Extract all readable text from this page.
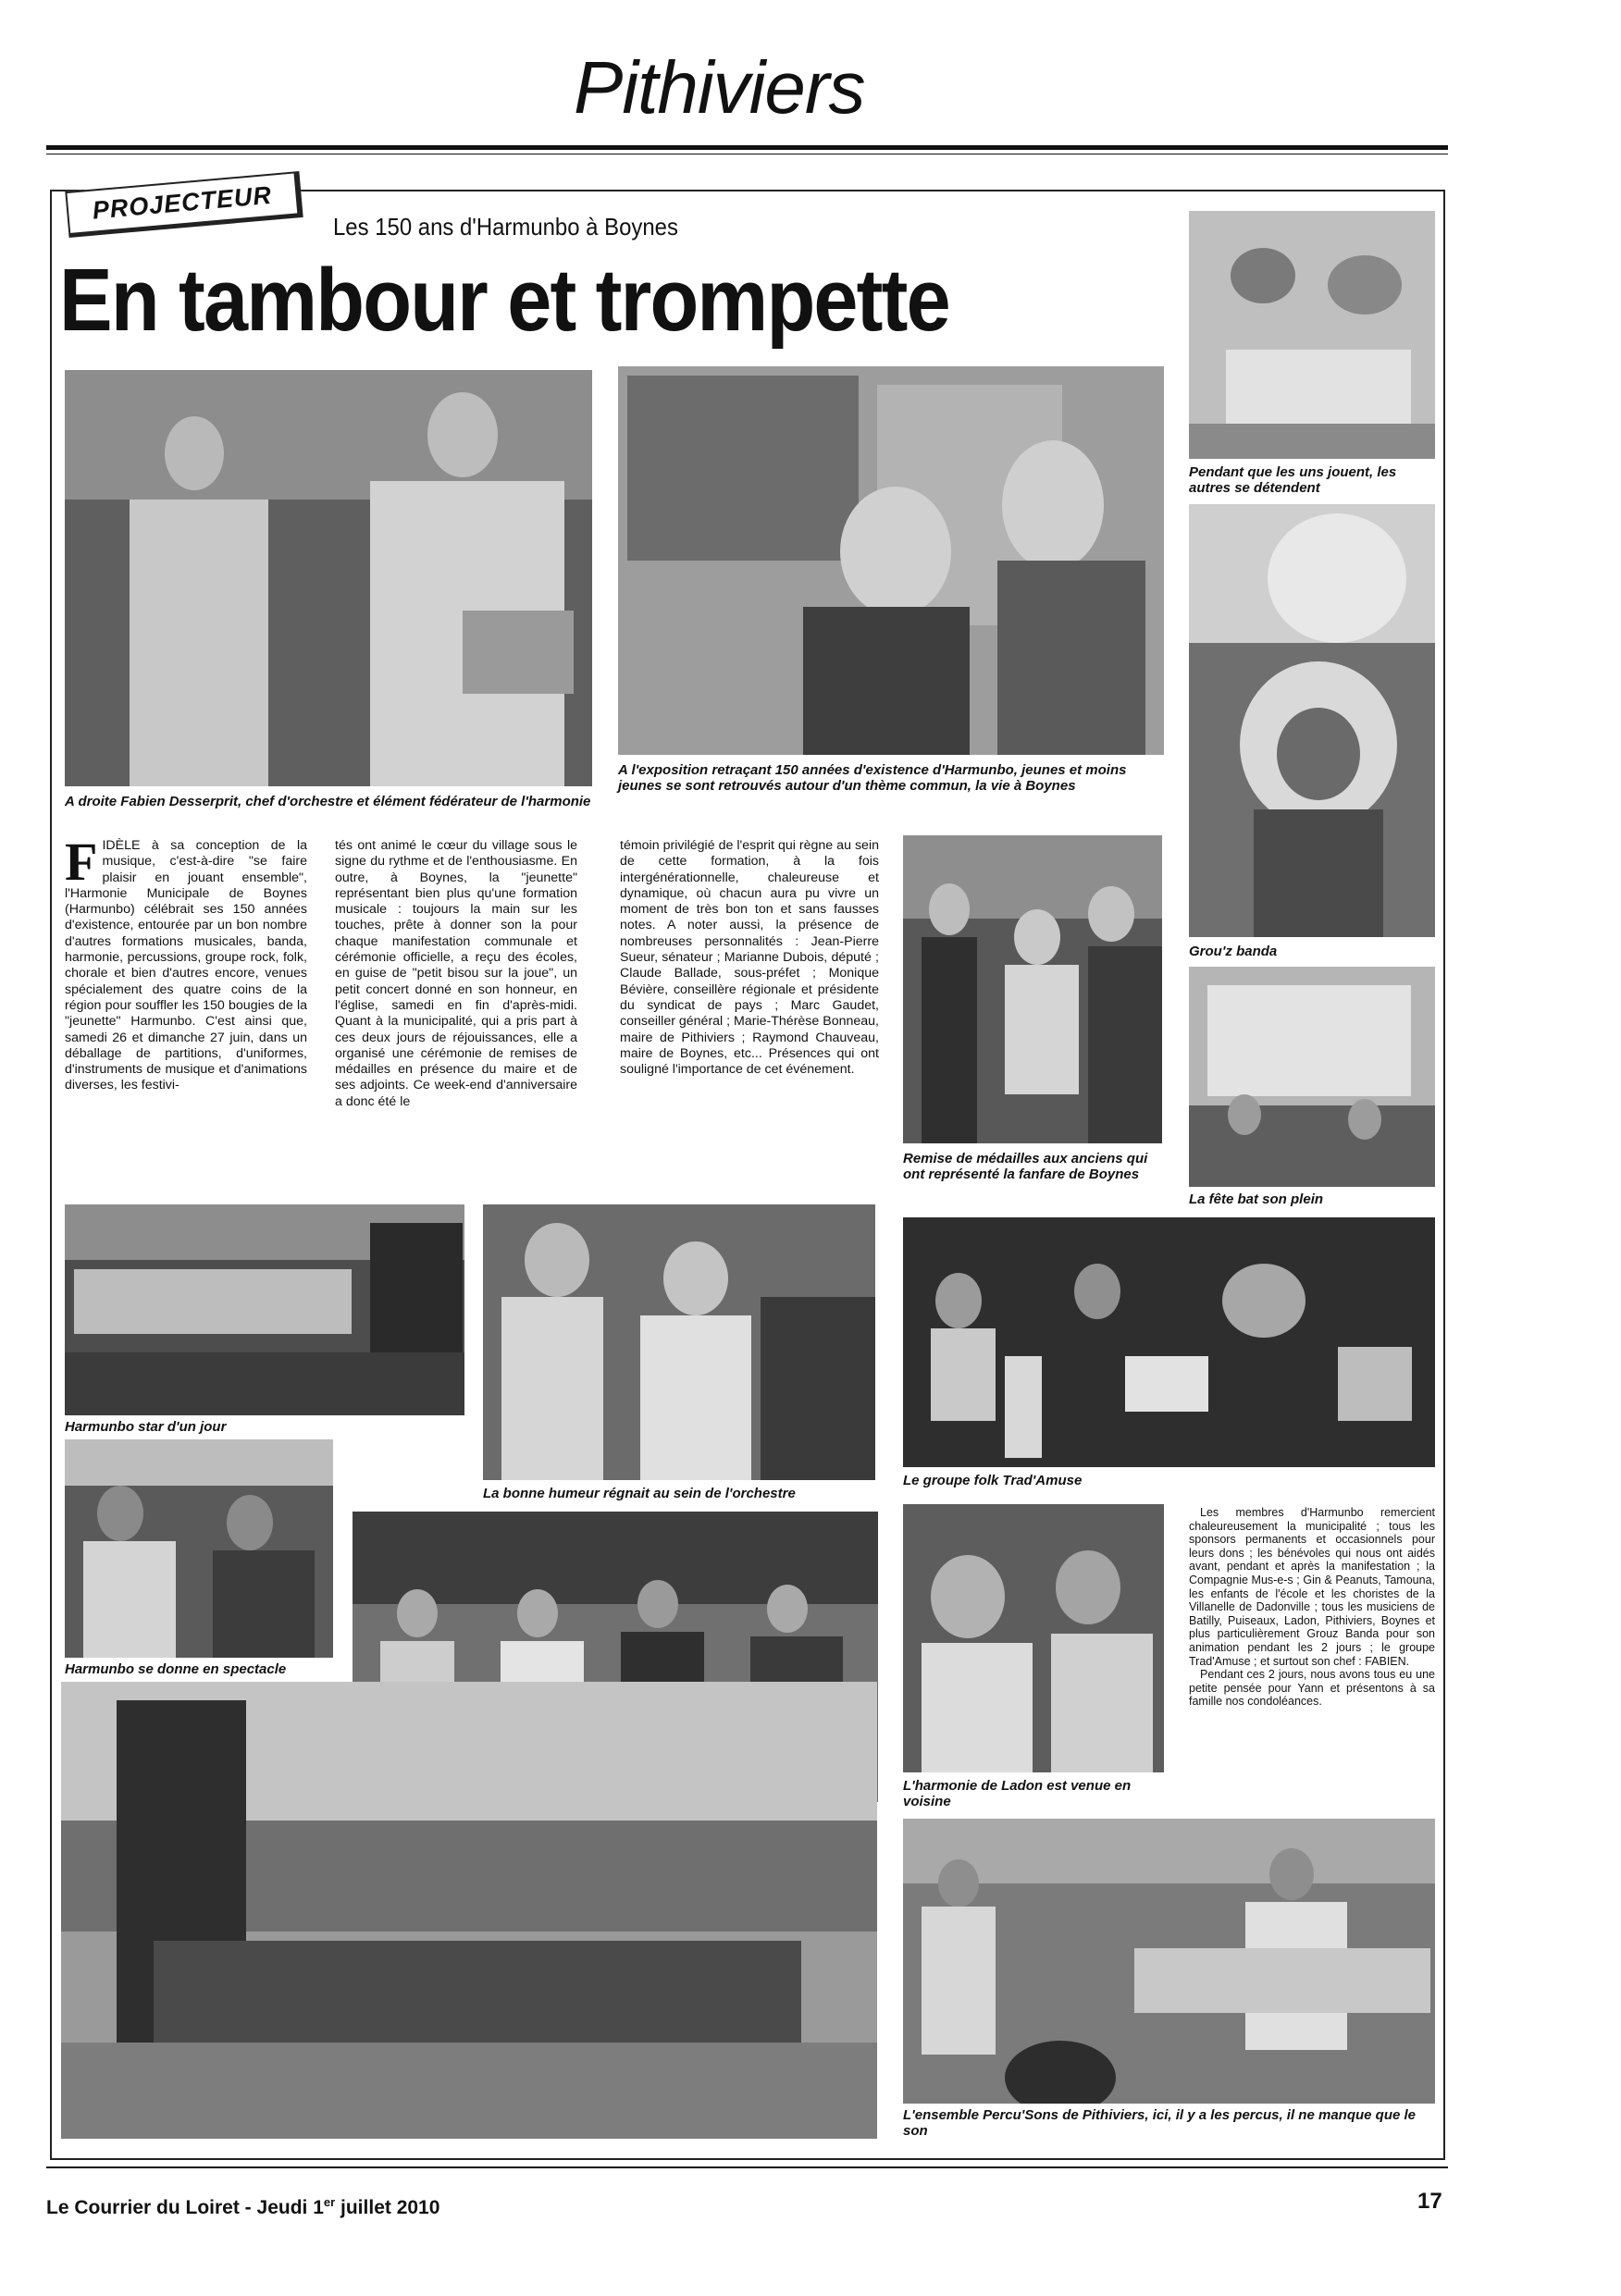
Pithiviers
PROJECTEUR
Les 150 ans d'Harmunbo à Boynes
En tambour et trompette
A droite Fabien Desserprit, chef d'orchestre et élément fédérateur de l'harmonie
A l'exposition retraçant 150 années d'existence d'Harmunbo, jeunes et moins jeunes se sont retrouvés autour d'un thème commun, la vie à Boynes
Pendant que les uns jouent, les autres se détendent
Grou'z banda
FIDÈLE à sa conception de la musique, c'est-à-dire "se faire plaisir en jouant ensemble", l'Harmonie Municipale de Boynes (Harmunbo) célébrait ses 150 années d'existence, entourée par un bon nombre d'autres formations musicales, banda, harmonie, percussions, groupe rock, folk, chorale et bien d'autres encore, venues spécialement des quatre coins de la région pour souffler les 150 bougies de la "jeunette" Harmunbo. C'est ainsi que, samedi 26 et dimanche 27 juin, dans un déballage de partitions, d'uniformes, d'instruments de musique et d'animations diverses, les festivi-

tés ont animé le cœur du village sous le signe du rythme et de l'enthousiasme. En outre, à Boynes, la "jeunette" représentant bien plus qu'une formation musicale : toujours la main sur les touches, prête à donner son la pour chaque manifestation communale et cérémonie officielle, a reçu des écoles, en guise de "petit bisou sur la joue", un petit concert donné en son honneur, en l'église, samedi en fin d'après-midi. Quant à la municipalité, qui a pris part à ces deux jours de réjouissances, elle a organisé une cérémonie de remises de médailles en présence du maire et de ses adjoints. Ce week-end d'anniversaire a donc été le

témoin privilégié de l'esprit qui règne au sein de cette formation, à la fois intergénérationnelle, chaleureuse et dynamique, où chacun aura pu vivre un moment de très bon ton et sans fausses notes. A noter aussi, la présence de nombreuses personnalités : Jean-Pierre Sueur, sénateur ; Marianne Dubois, député ; Claude Ballade, sous-préfet ; Monique Bévière, conseillère régionale et présidente du syndicat de pays ; Marc Gaudet, conseiller général ; Marie-Thérèse Bonneau, maire de Pithiviers ; Raymond Chauveau, maire de Boynes, etc... Présences qui ont souligné l'importance de cet événement.

Remise de médailles aux anciens qui ont représenté la fanfare de Boynes
La fête bat son plein
Harmunbo star d'un jour
La bonne humeur régnait au sein de l'orchestre
Le groupe folk Trad'Amuse
Harmunbo se donne en spectacle
L'harmonie de Ladon est venue en voisine

Les membres d'Harmunbo remercient chaleureusement la municipalité ; tous les sponsors permanents et occasionnels pour leurs dons ; les bénévoles qui nous ont aidés avant, pendant et après la manifestation ; la Compagnie Mus-e-s ; Gin & Peanuts, Tamouna, les enfants de l'école et les choristes de la Villanelle de Dadonville ; tous les musiciens de Batilly, Puiseaux, Ladon, Pithiviers, Boynes et plus particulièrement Grouz Banda pour son animation pendant les 2 jours ; le groupe Trad'Amuse ; et surtout son chef : FABIEN.

Pendant ces 2 jours, nous avons tous eu une petite pensée pour Yann et présentons à sa famille nos condoléances.

L'ensemble Percu'Sons de Pithiviers, ici, il y a les percus, il ne manque que le son
Le Courrier du Loiret - Jeudi 1er juillet 2010	17
